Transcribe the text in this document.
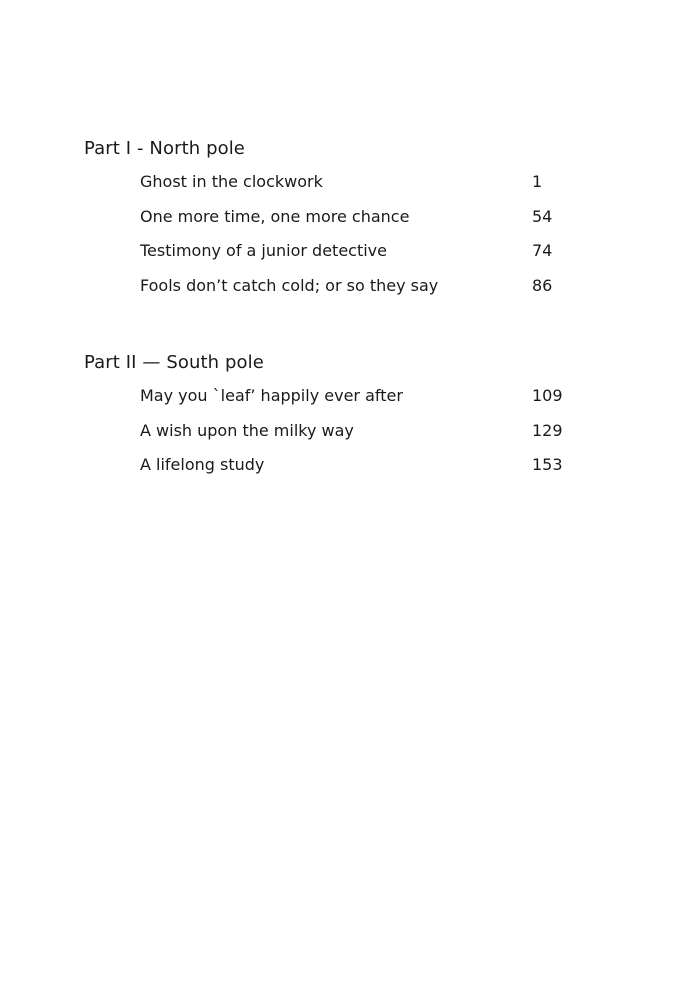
Part I - North pole
Ghost in the clockwork	1
One more time, one more chance	54
Testimony of a junior detective	74
Fools don’t catch cold; or so they say	86
Part II — South pole
May you `leaf’ happily ever after	109
A wish upon the milky way	129
A lifelong study	153
